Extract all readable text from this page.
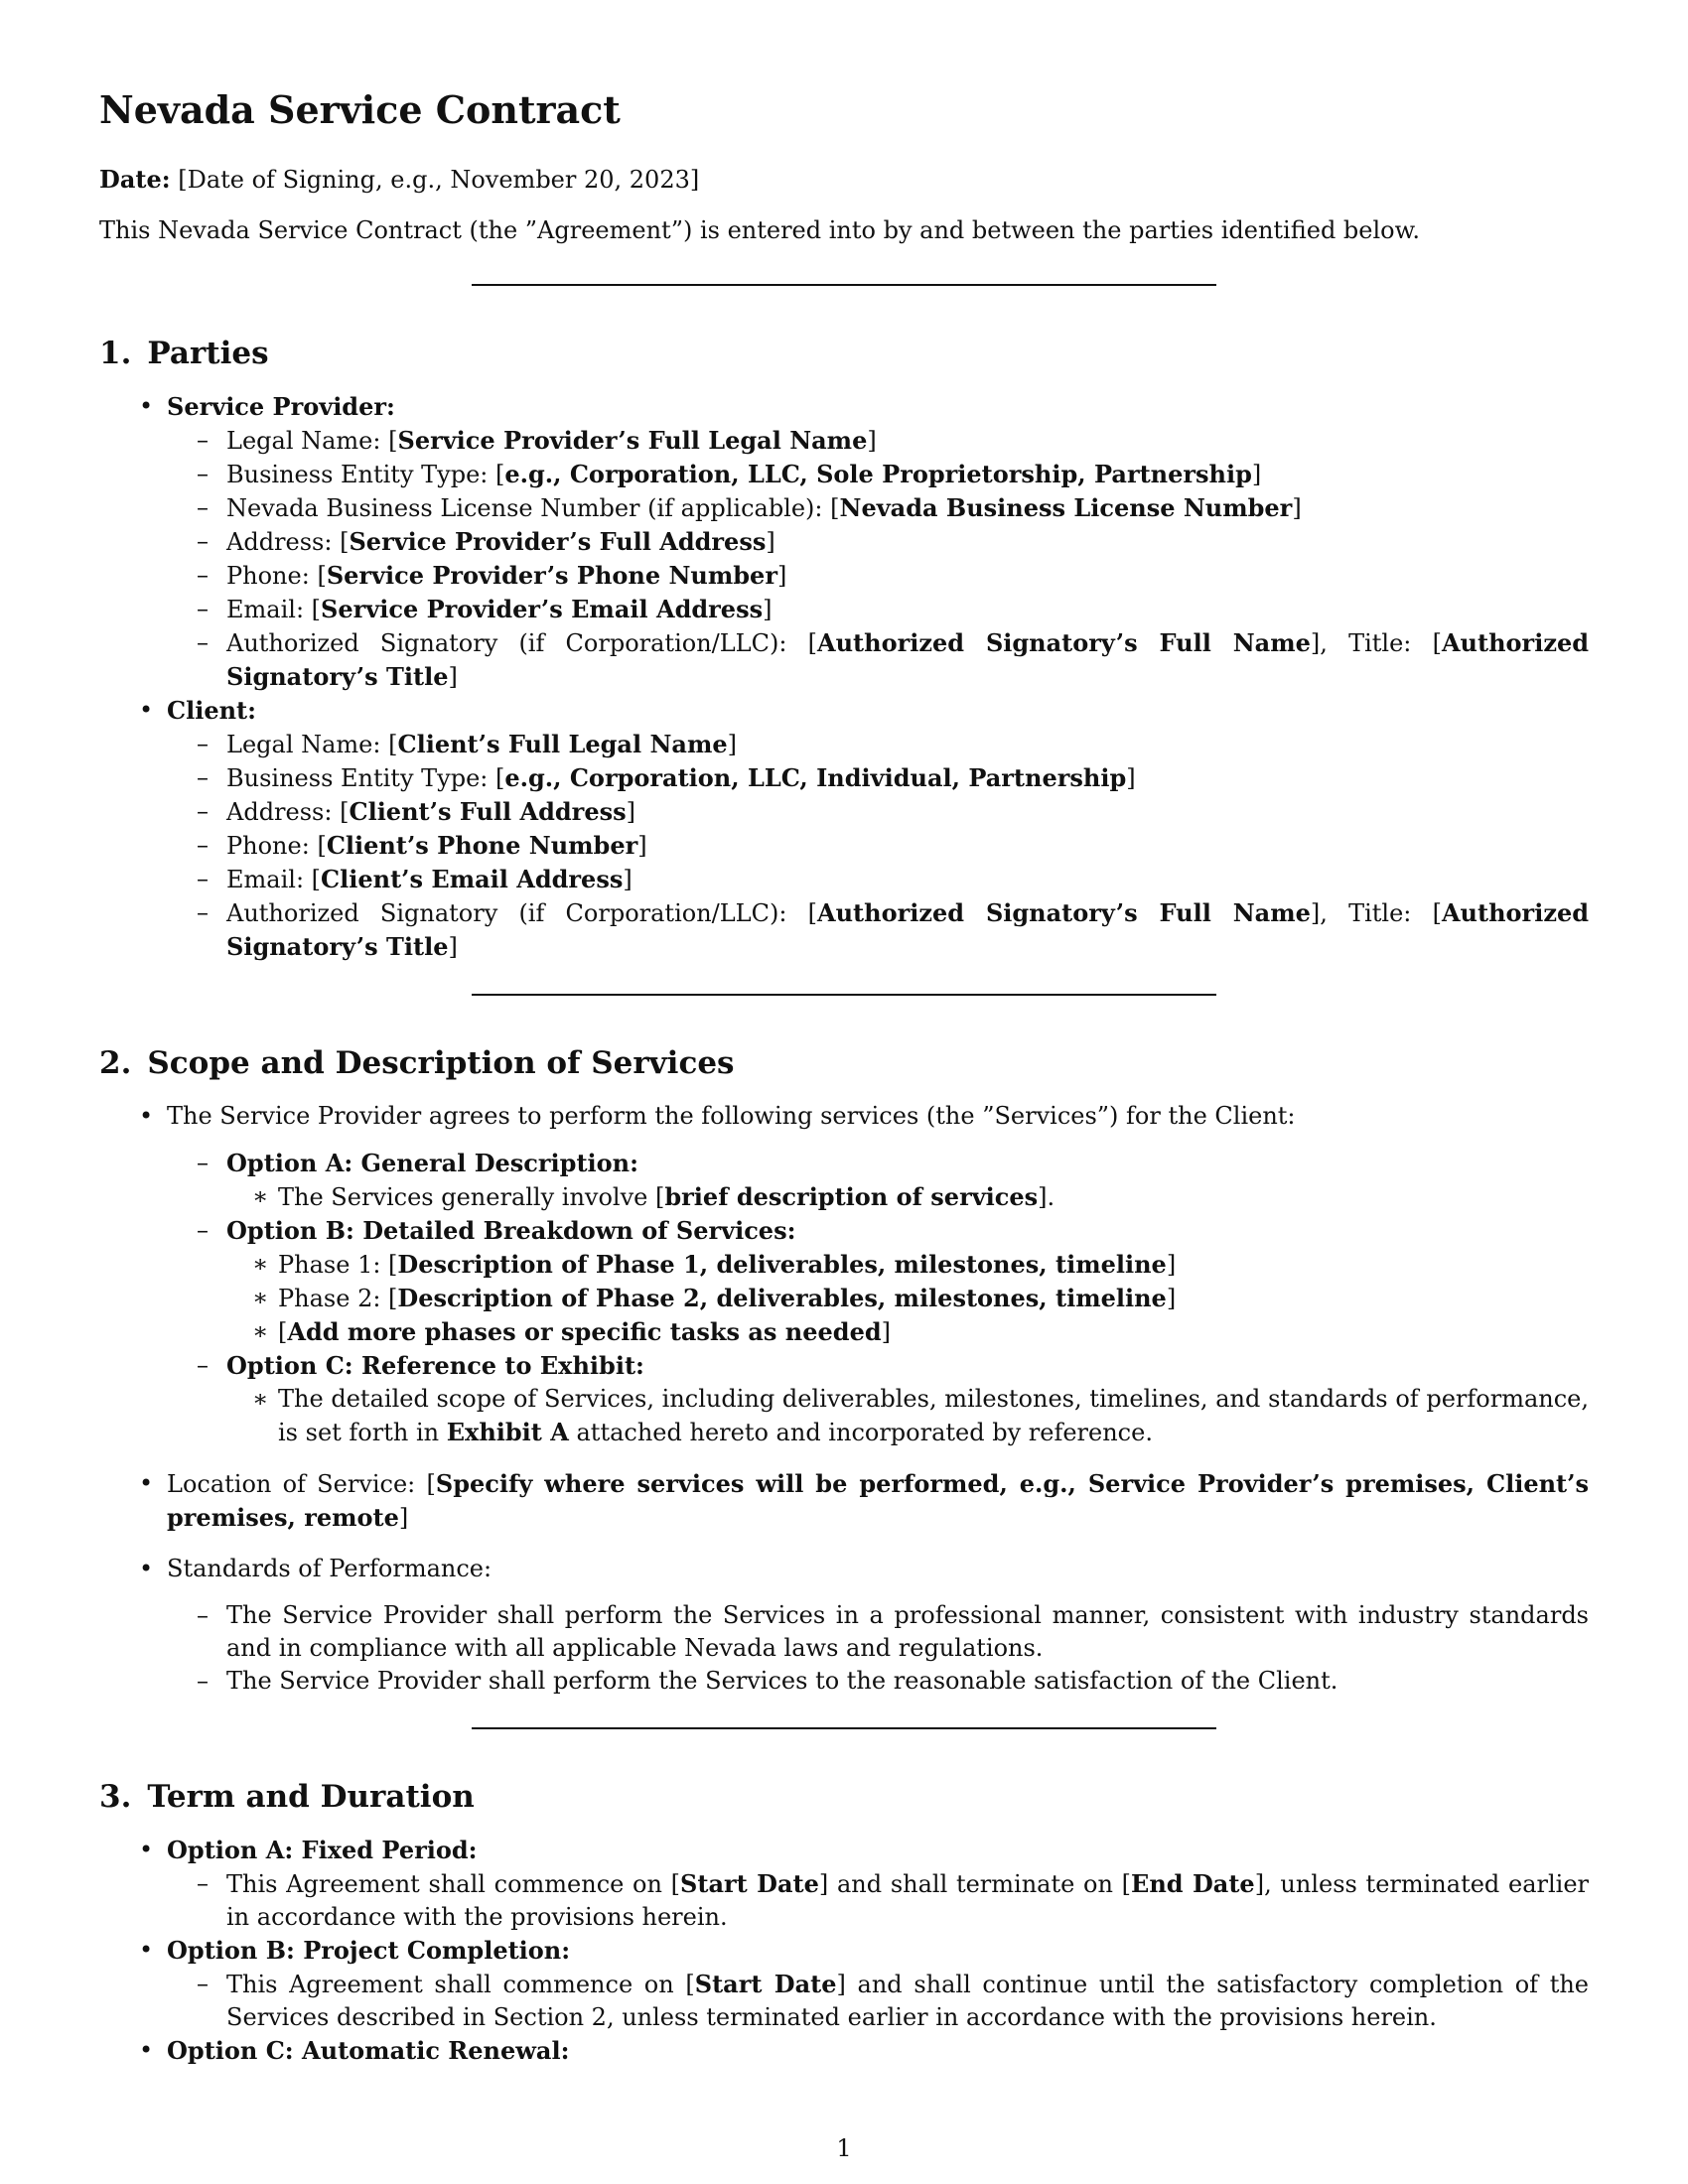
Nevada Service Contract

Date: [Date of Signing, e.g., November 20, 2023]

This Nevada Service Contract (the ”Agreement”) is entered into by and between the parties identified below.

1. Parties
• Service Provider:
– Legal Name: [Service Provider’s Full Legal Name]
– Business Entity Type: [e.g., Corporation, LLC, Sole Proprietorship, Partnership]
– Nevada Business License Number (if applicable): [Nevada Business License Number]
– Address: [Service Provider’s Full Address]
– Phone: [Service Provider’s Phone Number]
– Email: [Service Provider’s Email Address]
– Authorized Signatory (if Corporation/LLC): [Authorized Signatory’s Full Name], Title: [Authorized Signatory’s Title]
• Client:
– Legal Name: [Client’s Full Legal Name]
– Business Entity Type: [e.g., Corporation, LLC, Individual, Partnership]
– Address: [Client’s Full Address]
– Phone: [Client’s Phone Number]
– Email: [Client’s Email Address]
– Authorized Signatory (if Corporation/LLC): [Authorized Signatory’s Full Name], Title: [Authorized Signatory’s Title]
2. Scope and Description of Services
• The Service Provider agrees to perform the following services (the ”Services”) for the Client:
– Option A: General Description:
∗ The Services generally involve [brief description of services].
– Option B: Detailed Breakdown of Services:
∗ Phase 1: [Description of Phase 1, deliverables, milestones, timeline]
∗ Phase 2: [Description of Phase 2, deliverables, milestones, timeline]
∗ [Add more phases or specific tasks as needed]
– Option C: Reference to Exhibit:
∗ The detailed scope of Services, including deliverables, milestones, timelines, and standards of performance, is set forth in Exhibit A attached hereto and incorporated by reference.
• Location of Service: [Specify where services will be performed, e.g., Service Provider’s premises, Client’s premises, remote]
• Standards of Performance:
– The Service Provider shall perform the Services in a professional manner, consistent with industry standards and in compliance with all applicable Nevada laws and regulations.
– The Service Provider shall perform the Services to the reasonable satisfaction of the Client.
3. Term and Duration
• Option A: Fixed Period:
– This Agreement shall commence on [Start Date] and shall terminate on [End Date], unless terminated earlier in accordance with the provisions herein.
• Option B: Project Completion:
– This Agreement shall commence on [Start Date] and shall continue until the satisfactory completion of the Services described in Section 2, unless terminated earlier in accordance with the provisions herein.
• Option C: Automatic Renewal:
1
